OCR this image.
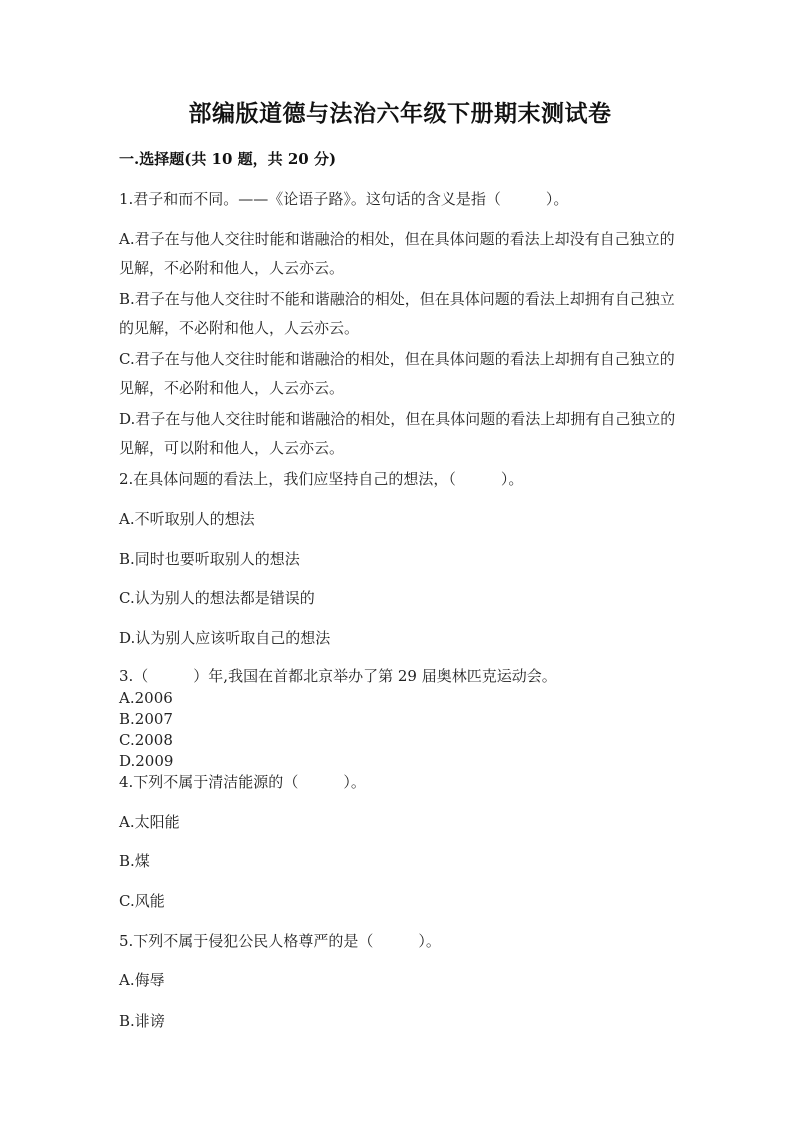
部编版道德与法治六年级下册期末测试卷
一.选择题(共 10 题，共 20 分)
1.君子和而不同。——《论语子路》。这句话的含义是指（　　　）。
A.君子在与他人交往时能和谐融洽的相处，但在具体问题的看法上却没有自己独立的见解，不必附和他人，人云亦云。
B.君子在与他人交往时不能和谐融洽的相处，但在具体问题的看法上却拥有自己独立的见解，不必附和他人，人云亦云。
C.君子在与他人交往时能和谐融洽的相处，但在具体问题的看法上却拥有自己独立的见解，不必附和他人，人云亦云。
D.君子在与他人交往时能和谐融洽的相处，但在具体问题的看法上却拥有自己独立的见解，可以附和他人，人云亦云。
2.在具体问题的看法上，我们应坚持自己的想法，（　　　）。
A.不听取别人的想法
B.同时也要听取别人的想法
C.认为别人的想法都是错误的
D.认为别人应该听取自己的想法
3.（　　　）年,我国在首都北京举办了第 29 届奥林匹克运动会。
A.2006
B.2007
C.2008
D.2009
4.下列不属于清洁能源的（　　　）。
A.太阳能
B.煤
C.风能
5.下列不属于侵犯公民人格尊严的是（　　　）。
A.侮辱
B.诽谤
